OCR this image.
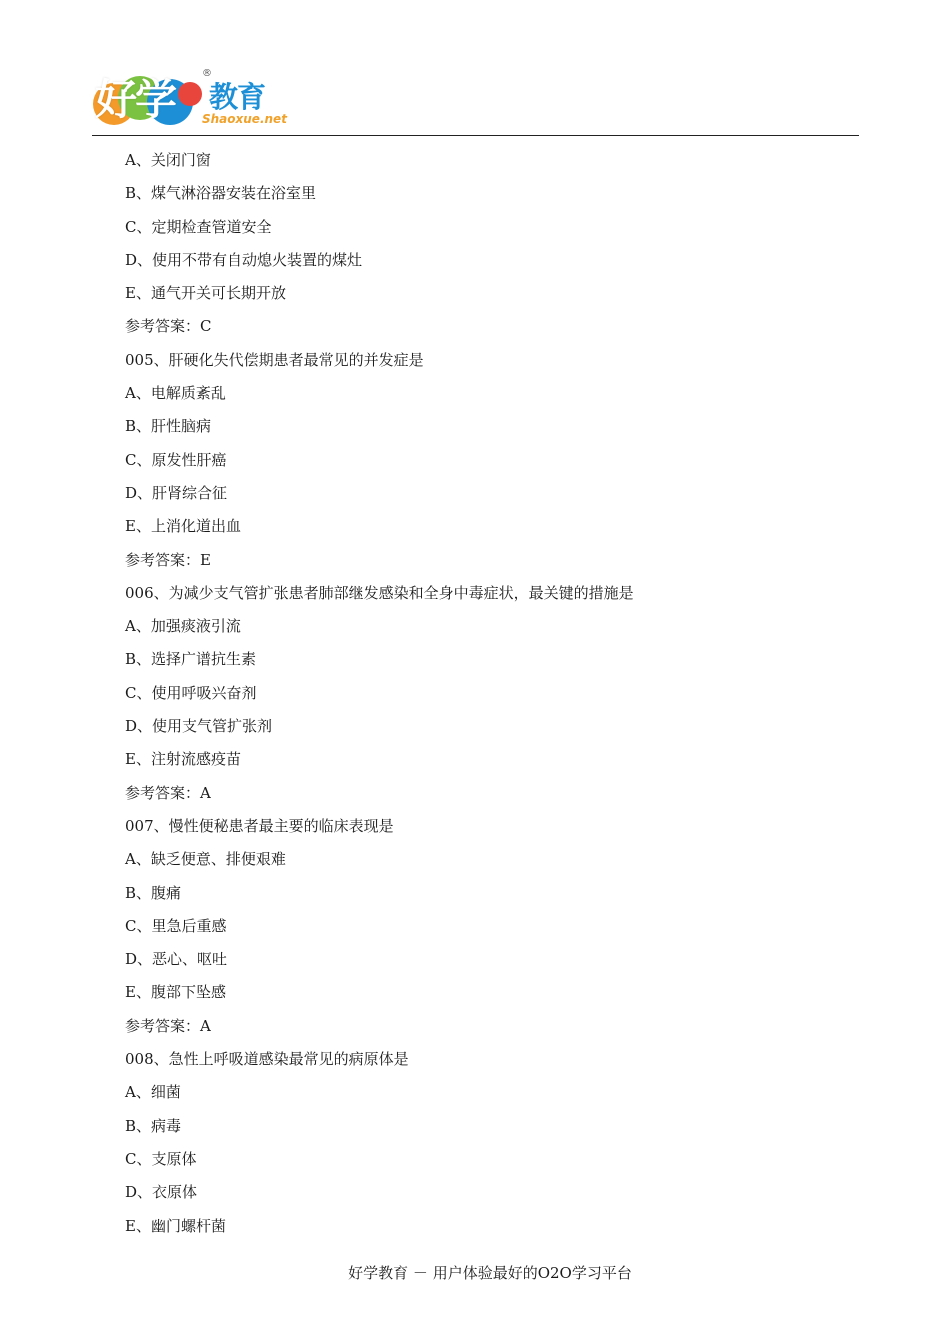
好学
®
教育
Shaoxue.net
A、关闭门窗
B、煤气淋浴器安装在浴室里
C、定期检查管道安全
D、使用不带有自动熄火装置的煤灶
E、通气开关可长期开放
参考答案：C
005、肝硬化失代偿期患者最常见的并发症是
A、电解质紊乱
B、肝性脑病
C、原发性肝癌
D、肝肾综合征
E、上消化道出血
参考答案：E
006、为减少支气管扩张患者肺部继发感染和全身中毒症状，最关键的措施是
A、加强痰液引流
B、选择广谱抗生素
C、使用呼吸兴奋剂
D、使用支气管扩张剂
E、注射流感疫苗
参考答案：A
007、慢性便秘患者最主要的临床表现是
A、缺乏便意、排便艰难
B、腹痛
C、里急后重感
D、恶心、呕吐
E、腹部下坠感
参考答案：A
008、急性上呼吸道感染最常见的病原体是
A、细菌
B、病毒
C、支原体
D、衣原体
E、幽门螺杆菌
好学教育 － 用户体验最好的O2O学习平台
